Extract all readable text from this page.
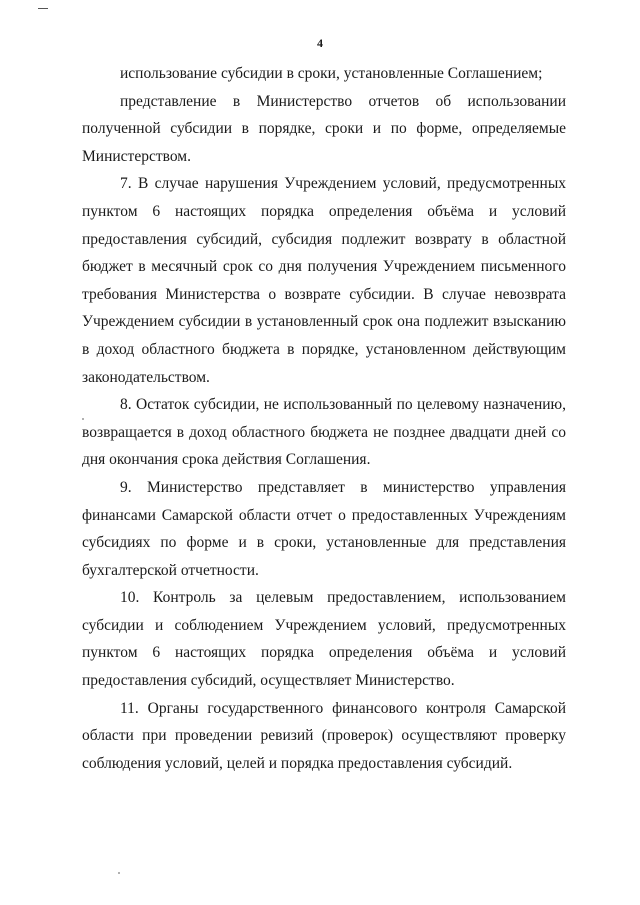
4

использование субсидии в сроки, установленные Соглашением;

представление в Министерство отчетов об использовании полученной субсидии в порядке, сроки и по форме, определяемые Министерством.

7. В случае нарушения Учреждением условий, предусмотренных пунктом 6 настоящих порядка определения объёма и условий предоставления субсидий, субсидия подлежит возврату в областной бюджет в месячный срок со дня получения Учреждением письменного требования Министерства о возврате субсидии. В случае невозврата Учреждением субсидии в установленный срок она подлежит взысканию в доход областного бюджета в порядке, установленном действующим законодательством.

8. Остаток субсидии, не использованный по целевому назначению, возвращается в доход областного бюджета не позднее двадцати дней со дня окончания срока действия Соглашения.

9. Министерство представляет в министерство управления финансами Самарской области отчет о предоставленных Учреждениям субсидиях по форме и в сроки, установленные для представления бухгалтерской отчетности.

10. Контроль за целевым предоставлением, использованием субсидии и соблюдением Учреждением условий, предусмотренных пунктом 6 настоящих порядка определения объёма и условий предоставления субсидий, осуществляет Министерство.

11. Органы государственного финансового контроля Самарской области при проведении ревизий (проверок) осуществляют проверку соблюдения условий, целей и порядка предоставления субсидий.
